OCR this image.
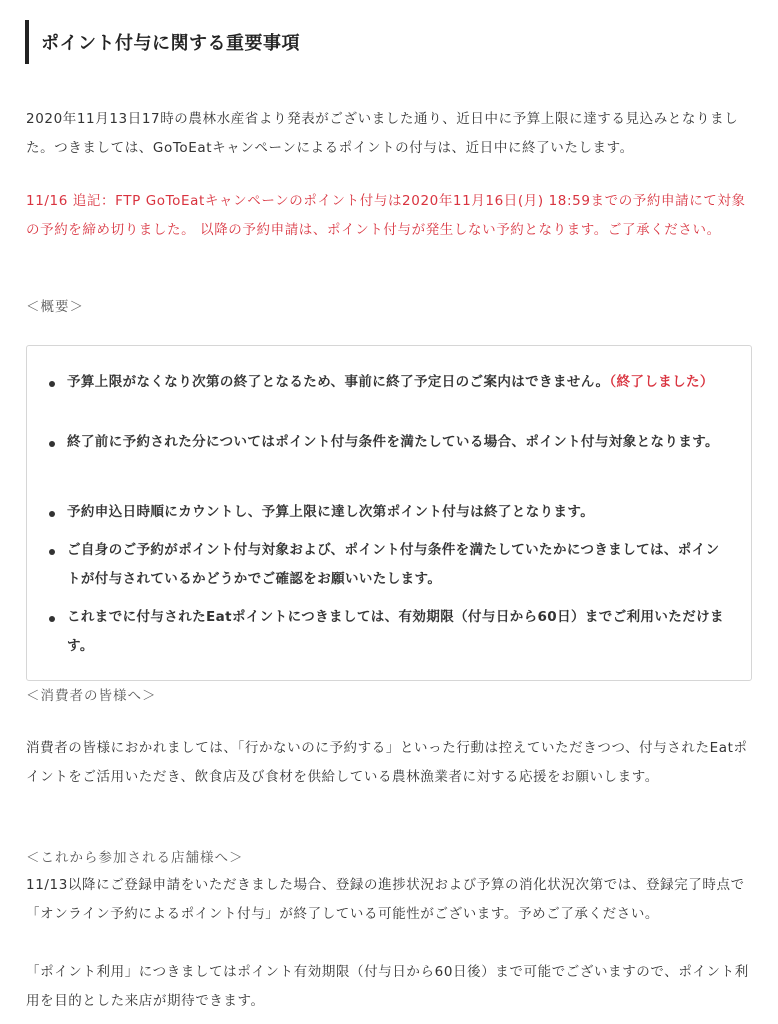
ポイント付与に関する重要事項

2020年11月13日17時の農林水産省より発表がございました通り、近日中に予算上限に達する見込みとなりました。つきましては、GoToEatキャンペーンによるポイントの付与は、近日中に終了いたします。

11/16 追記：FTP GoToEatキャンペーンのポイント付与は2020年11月16日(月) 18:59までの予約申請にて対象の予約を締め切りました。 以降の予約申請は、ポイント付与が発生しない予約となります。ご了承ください。

＜概要＞
予算上限がなくなり次第の終了となるため、事前に終了予定日のご案内はできません。（終了しました）
終了前に予約された分についてはポイント付与条件を満たしている場合、ポイント付与対象となります。
予約申込日時順にカウントし、予算上限に達し次第ポイント付与は終了となります。
ご自身のご予約がポイント付与対象および、ポイント付与条件を満たしていたかにつきましては、ポイントが付与されているかどうかでご確認をお願いいたします。
これまでに付与されたEatポイントにつきましては、有効期限（付与日から60日）までご利用いただけます。
＜消費者の皆様へ＞

消費者の皆様におかれましては、「行かないのに予約する」といった行動は控えていただきつつ、付与されたEatポイントをご活用いただき、飲食店及び食材を供給している農林漁業者に対する応援をお願いします。

＜これから参加される店舗様へ＞

11/13以降にご登録申請をいただきました場合、登録の進捗状況および予算の消化状況次第では、登録完了時点で「オンライン予約によるポイント付与」が終了している可能性がございます。予めご了承ください。

「ポイント利用」につきましてはポイント有効期限（付与日から60日後）まで可能でございますので、ポイント利用を目的とした来店が期待できます。
